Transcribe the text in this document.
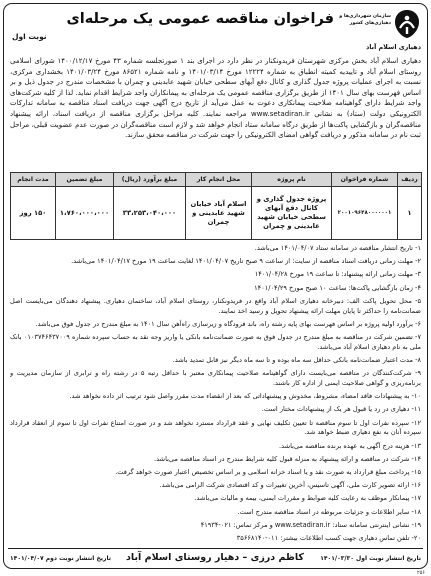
سازمان شهرداری‌ها و
دهیاری‌های کشور
دهیاری اسلام آباد
فراخوان مناقصه عمومی یک مرحله‌ای
نوبت اول
دهیاری اسلام آباد بخش مرکزی شهرستان فریدونکنار در نظر دارد در اجرای بند ۱ صورتجلسه شماره ۴۳ مورخ ۱۴۰۰/۱۲/۱۷ شورای اسلامی روستای اسلام آباد و تاییدیه کمیته انطباق به شماره ۱۲۲۲۴ مورخ ۱۴۰۱/۰۳/۱۴ و نامه شماره ۸۶۵۲۱ مورخ ۱۴۰۱/۰۳/۲۴ بخشداری مرکزی، نسبت به اجرای عملیات پروژه جدول گذاری و کانال دفع آبهای سطحی خیابان شهید عابدینی و چمران با مشخصات مندرج در جدول ذیل و بر اساس فهرست بهای سال ۱۴۰۱ از طریق برگزاری مناقصه عمومی یک مرحله‌ای به پیمانکاران واجد شرایط اقدام نماید. لذا از کلیه شرکت‌های واجد شرایط دارای گواهینامه صلاحیت پیمانکاری دعوت به عمل می‌آید از تاریخ درج آگهی جهت دریافت اسناد مناقصه به سامانه تدارکات الکترونیکی دولت (ستاد) به نشانی www.setadiran.ir مراجعه نمایند. کلیه مراحل برگزاری مناقصه از دریافت اسناد، ارائه پیشنهاد مناقصه‌گران و بازگشایی پاکت‌ها از طریق درگاه سامانه ستاد انجام خواهد شد و لازم است مناقصه‌گران در صورت عدم عضویت قبلی، مراحل ثبت نام در سامانه مذکور و دریافت گواهی امضای الکترونیکی را جهت شرکت در مناقصه محقق سازند.
ردیف	شماره فراخوان	نام پروژه	محل انجام کار	مبلغ برآورد (ریال)	مبلغ تضمین	مدت انجام
۱	۲۰۰۱۰۹۶۴۸۰۰۰۰۰۰۱	پروژه جدول گذاری و کانال دفع آبهای سطحی خیابان شهید عابدینی و چمران	اسلام آباد خیابان شهید عابدینی و چمران	۳۳،۲۵۳،۰۴۰،۰۰۰	۱،۷۶۰،۰۰۰،۰۰۰	۱۵۰ روز
۱- تاریخ انتشار مناقصه در سامانه ستاد ۱۴۰۱/۰۴/۰۷ می‌باشد.
۲- مهلت زمانی دریافت اسناد مناقصه از سایت: از ساعت ۹ صبح تاریخ ۱۴۰۱/۰۴/۰۷ لغایت ساعت ۱۹ مورخ ۱۴۰۱/۰۴/۱۷ می‌باشد.
۳- مهلت زمانی ارائه پیشنهاد: تا ساعت ۱۹ مورخ ۱۴۰۱/۰۴/۲۸
۴- زمان بازگشایی پاکت‌ها: ساعت ۱۰ صبح مورخ ۱۴۰۱/۰۴/۲۹
۵- محل تحویل پاکت الف: دبیرخانه دهیاری اسلام آباد واقع در فریدونکنار، روستای اسلام آباد، ساختمان دهیاری. پیشنهاد دهندگان می‌بایست اصل ضمانت‌نامه را حداکثر تا پایان مهلت ارائه پیشنهاد تحویل و رسید اخذ نمایند.
۶- برآورد اولیه پروژه بر اساس فهرست بهای پایه رشته راه، باند فرودگاه و زیرسازی راه‌آهن سال ۱۴۰۱ به مبلغ مندرج در جدول فوق می‌باشد.
۷- تضمین شرکت در مناقصه به مبلغ مندرج در جدول فوق به صورت ضمانت‌نامه بانکی یا واریز وجه نقد به حساب سپرده شماره ۰۱۰۳۷۴۶۴۳۷۰۰۹ بانک ملی به نام دهیاری اسلام آباد می‌باشد.
۸- مدت اعتبار ضمانت‌نامه بانکی حداقل سه ماه بوده و تا سه ماه دیگر نیز قابل تمدید باشد.
۹- شرکت‌کنندگان در مناقصه می‌بایست دارای گواهینامه صلاحیت پیمانکاری معتبر با حداقل رتبه ۵ در رشته راه و ترابری از سازمان مدیریت و برنامه‌ریزی و گواهی صلاحیت ایمنی از اداره کار باشند.
۱۰- به پیشنهادات فاقد امضاء، مشروط، مخدوش و پیشنهاداتی که بعد از انقضاء مدت مقرر واصل شود ترتیب اثر داده نخواهد شد.
۱۱- دهیاری در رد یا قبول هر یک از پیشنهادات مختار است.
۱۲- سپرده نفرات اول تا سوم مناقصه تا تعیین تکلیف نهایی و عقد قرارداد مسترد نخواهد شد و در صورت امتناع نفرات اول تا سوم از انعقاد قرارداد سپرده آنان به نفع دهیاری ضبط خواهد شد.
۱۳- هزینه درج آگهی به عهده برنده مناقصه می‌باشد.
۱۴- شرکت در مناقصه و ارائه پیشنهاد به منزله قبول کلیه شرایط مندرج در اسناد مناقصه می‌باشد.
۱۵- پرداخت مبلغ قرارداد به صورت نقد و یا اسناد خزانه اسلامی و بر اساس تخصیص اعتبار صورت خواهد گرفت.
۱۶- ارائه تصویر کارت ملی، آگهی تاسیس، آخرین تغییرات و کد اقتصادی شرکت الزامی می‌باشد.
۱۷- پیمانکار موظف به رعایت کلیه ضوابط و مقررات ایمنی، بیمه و مالیات می‌باشد.
۱۸- سایر اطلاعات و جزئیات مربوطه در اسناد مناقصه مندرج است.
۱۹- نشانی اینترنتی سامانه ستاد: www.setadiran.ir و مرکز تماس: ۰۲۱-۴۱۹۳۴
۲۰- تلفن تماس دهیاری جهت کسب اطلاعات بیشتر: ۰۱۱-۳۵۶۶۸۱۴۰
تاریخ انتشار نوبت اول ۱۴۰۱/۰۳/۳۰
کاظم درزی – دهیار روستای اسلام آباد
تاریخ انتشار نوبت دوم ۱۴۰۱/۰۴/۰۷
۲۵۶
